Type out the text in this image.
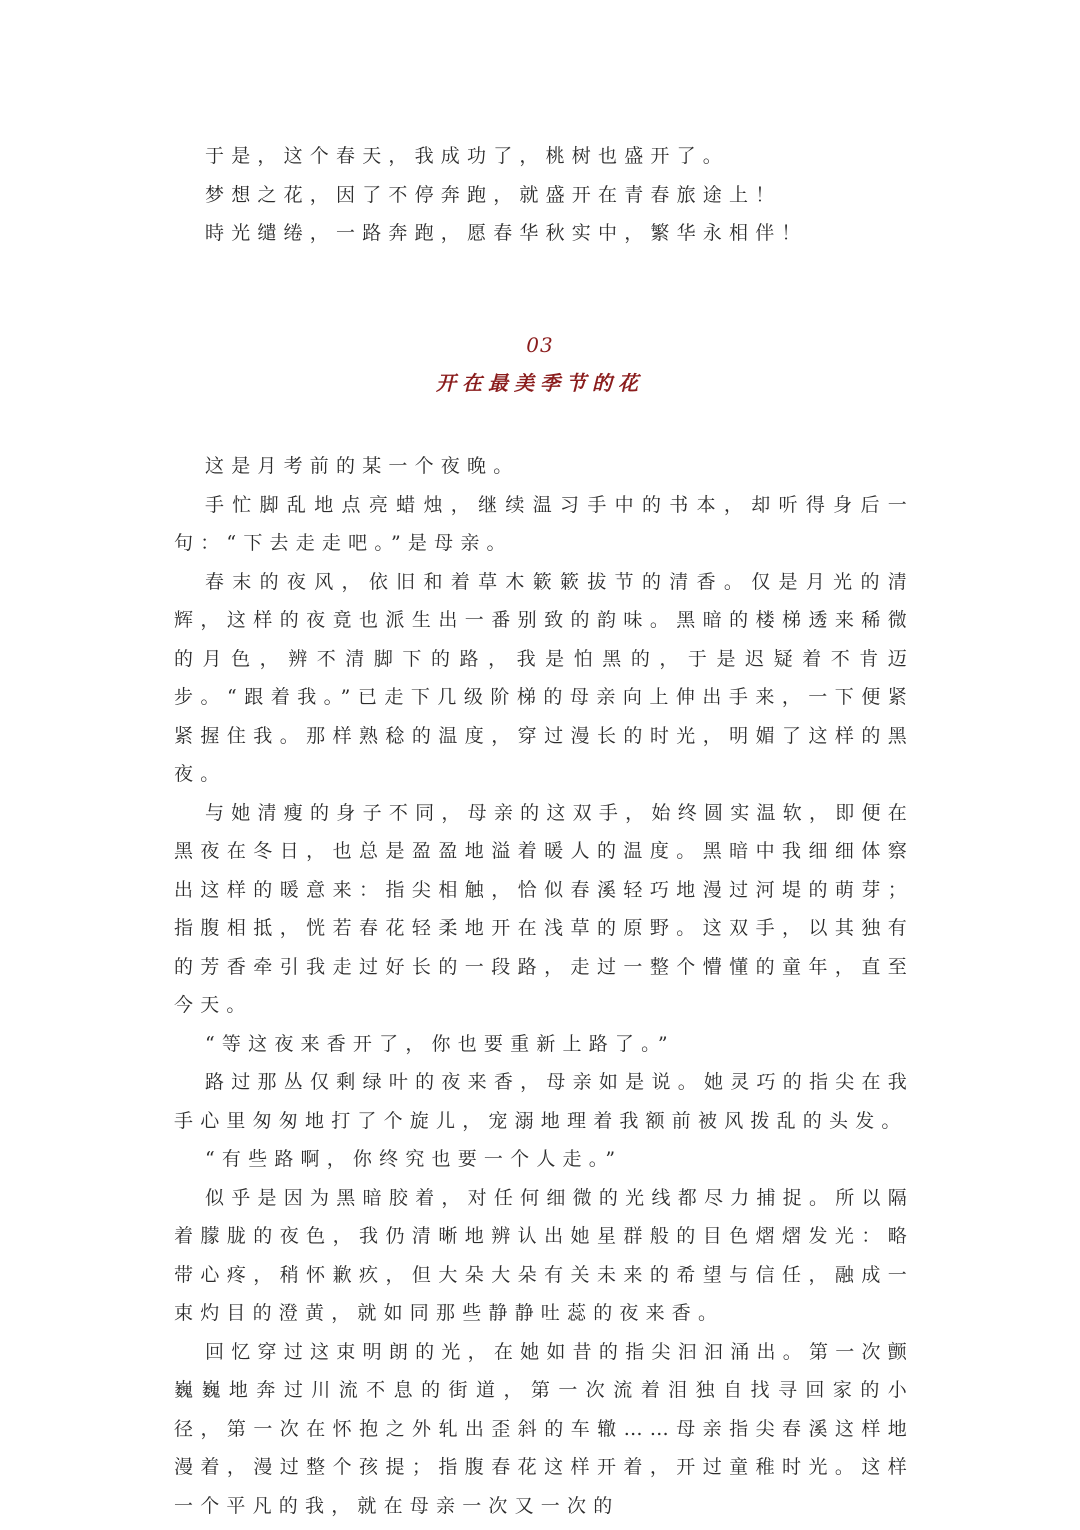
于是，这个春天，我成功了，桃树也盛开了。

梦想之花，因了不停奔跑，就盛开在青春旅途上！

時光缱绻，一路奔跑，愿春华秋实中，繁华永相伴！

03

开在最美季节的花

这是月考前的某一个夜晚。

手忙脚乱地点亮蜡烛，继续温习手中的书本，却听得身后一句：“下去走走吧。”是母亲。

春末的夜风，依旧和着草木簌簌拔节的清香。仅是月光的清辉，这样的夜竟也派生出一番别致的韵味。黑暗的楼梯透来稀微的月色，辨不清脚下的路，我是怕黑的，于是迟疑着不肯迈步。“跟着我。”已走下几级阶梯的母亲向上伸出手来，一下便紧紧握住我。那样熟稔的温度，穿过漫长的时光，明媚了这样的黑夜。

与她清瘦的身子不同，母亲的这双手，始终圆实温软，即便在黑夜在冬日，也总是盈盈地溢着暖人的温度。黑暗中我细细体察出这样的暖意来：指尖相触，恰似春溪轻巧地漫过河堤的萌芽；指腹相抵，恍若春花轻柔地开在浅草的原野。这双手，以其独有的芳香牵引我走过好长的一段路，走过一整个懵懂的童年，直至今天。

“等这夜来香开了，你也要重新上路了。”

路过那丛仅剩绿叶的夜来香，母亲如是说。她灵巧的指尖在我手心里匆匆地打了个旋儿，宠溺地理着我额前被风拨乱的头发。

“有些路啊，你终究也要一个人走。”

似乎是因为黑暗胶着，对任何细微的光线都尽力捕捉。所以隔着朦胧的夜色，我仍清晰地辨认出她星群般的目色熠熠发光：略带心疼，稍怀歉疚，但大朵大朵有关未来的希望与信任，融成一束灼目的澄黄，就如同那些静静吐蕊的夜来香。

回忆穿过这束明朗的光，在她如昔的指尖汩汩涌出。第一次颤巍巍地奔过川流不息的街道，第一次流着泪独自找寻回家的小径，第一次在怀抱之外轧出歪斜的车辙……母亲指尖春溪这样地漫着，漫过整个孩提；指腹春花这样开着，开过童稚时光。这样一个平凡的我，就在母亲一次又一次的
